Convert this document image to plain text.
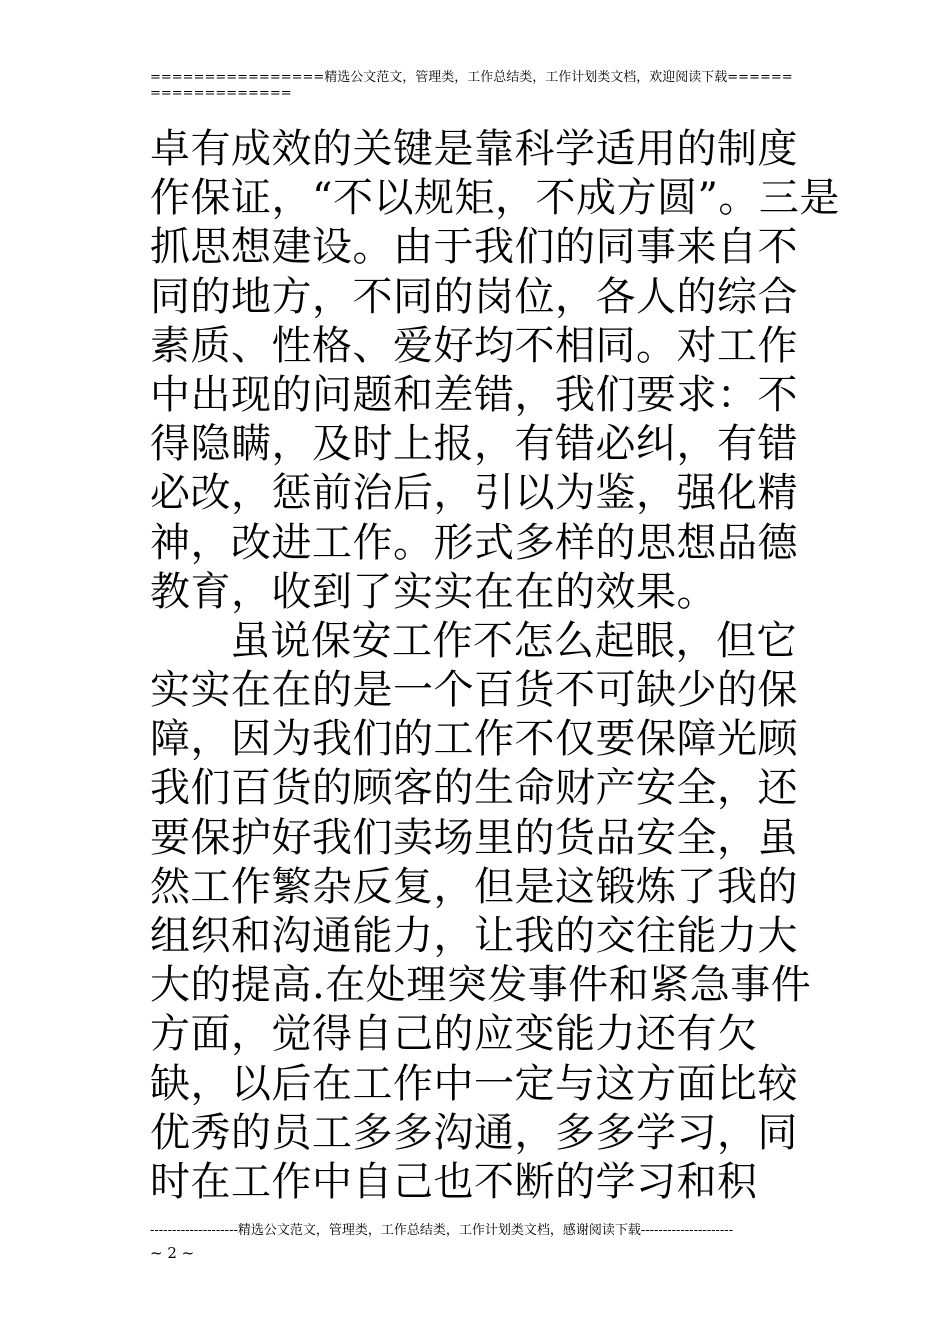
================精选公文范文，管理类，工作总结类，工作计划类文档，欢迎阅读下载===================
卓有成效的关键是靠科学适用的制度
作保证，“不以规矩，不成方圆”。三是
抓思想建设。由于我们的同事来自不
同的地方，不同的岗位，各人的综合
素质、性格、爱好均不相同。对工作
中出现的问题和差错，我们要求：不
得隐瞒，及时上报，有错必纠，有错
必改，惩前治后，引以为鉴，强化精
神，改进工作。形式多样的思想品德
教育，收到了实实在在的效果。
虽说保安工作不怎么起眼，但它
实实在在的是一个百货不可缺少的保
障，因为我们的工作不仅要保障光顾
我们百货的顾客的生命财产安全，还
要保护好我们卖场里的货品安全，虽
然工作繁杂反复，但是这锻炼了我的
组织和沟通能力，让我的交往能力大
大的提高.在处理突发事件和紧急事件
方面，觉得自己的应变能力还有欠
缺，以后在工作中一定与这方面比较
优秀的员工多多沟通，多多学习，同
时在工作中自己也不断的学习和积
--------------------精选公文范文，管理类，工作总结类，工作计划类文档，感谢阅读下载---------------------
~ 2 ~
